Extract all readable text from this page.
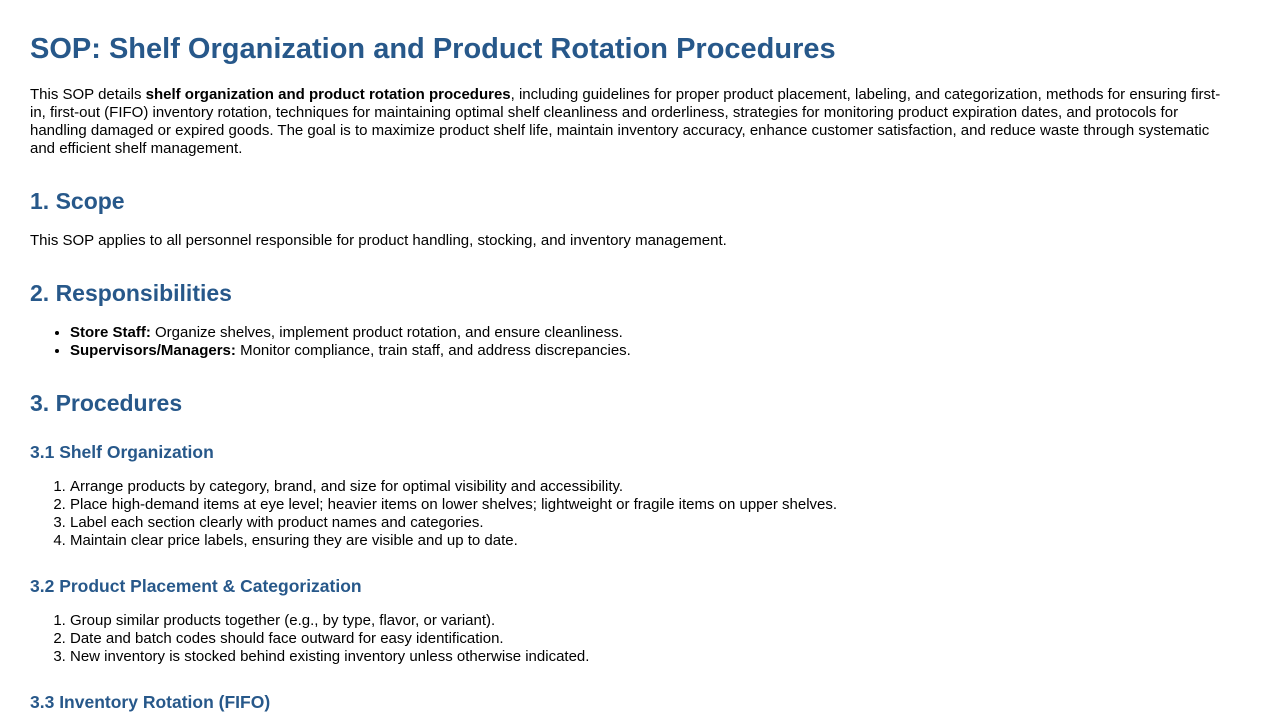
SOP: Shelf Organization and Product Rotation Procedures

This SOP details shelf organization and product rotation procedures, including guidelines for proper product placement, labeling, and categorization, methods for ensuring first-in, first-out (FIFO) inventory rotation, techniques for maintaining optimal shelf cleanliness and orderliness, strategies for monitoring product expiration dates, and protocols for handling damaged or expired goods. The goal is to maximize product shelf life, maintain inventory accuracy, enhance customer satisfaction, and reduce waste through systematic and efficient shelf management.

1. Scope

This SOP applies to all personnel responsible for product handling, stocking, and inventory management.

2. Responsibilities
• Store Staff: Organize shelves, implement product rotation, and ensure cleanliness.
• Supervisors/Managers: Monitor compliance, train staff, and address discrepancies.
3. Procedures
3.1 Shelf Organization
1. Arrange products by category, brand, and size for optimal visibility and accessibility.
2. Place high-demand items at eye level; heavier items on lower shelves; lightweight or fragile items on upper shelves.
3. Label each section clearly with product names and categories.
4. Maintain clear price labels, ensuring they are visible and up to date.
3.2 Product Placement & Categorization
1. Group similar products together (e.g., by type, flavor, or variant).
2. Date and batch codes should face outward for easy identification.
3. New inventory is stocked behind existing inventory unless otherwise indicated.
3.3 Inventory Rotation (FIFO)
